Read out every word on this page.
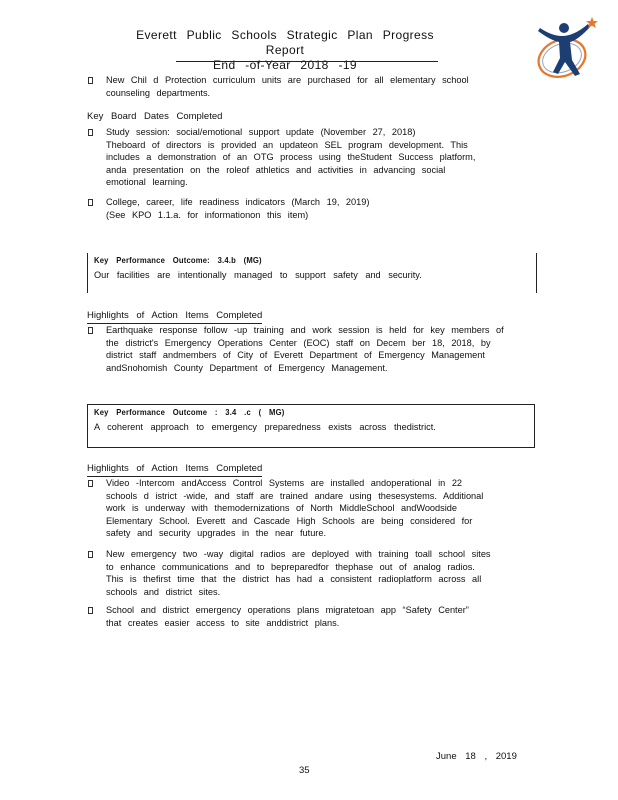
Everett Public Schools Strategic Plan Progress Report
End -of-Year 2018 -19
New Chil d Protection curriculum units are purchased for all elementary school
counseling departments.
Key Board Dates Completed
Study session: social/emotional support update (November 27, 2018)
Theboard of directors is provided an updateon SEL program development. This
includes a demonstration of an OTG process using theStudent Success platform,
anda presentation on the roleof athletics and activities in advancing social
emotional learning.
College, career, life readiness indicators (March 19, 2019)
(See KPO 1.1.a. for informationon this item)
Key Performance Outcome: 3.4.b (MG)
Our facilities are intentionally managed to support safety and security.
Highlights of Action Items Completed
Earthquake response follow -up training and work session is held for key members of
the district's Emergency Operations Center (EOC) staff on Decem ber 18, 2018, by
district staff andmembers of City of Everett Department of Emergency Management
andSnohomish County Department of Emergency Management.
Key Performance Outcome : 3.4 .c ( MG)
A coherent approach to emergency preparedness exists across thedistrict.
Highlights of Action Items Completed
Video -Intercom andAccess Control Systems are installed andoperational in 22
schools d istrict -wide, and staff are trained andare using thesesystems. Additional
work is underway with themodernizations of North MiddleSchool andWoodside
Elementary School. Everett and Cascade High Schools are being considered for
safety and security upgrades in the near future.
New emergency two -way digital radios are deployed with training toall school sites
to enhance communications and to bepreparedfor thephase out of analog radios.
This is thefirst time that the district has had a consistent radioplatform across all
schools and district sites.
School and district emergency operations plans migratetoan app “Safety Center”
that creates easier access to site anddistrict plans.
June 18 , 2019
35
